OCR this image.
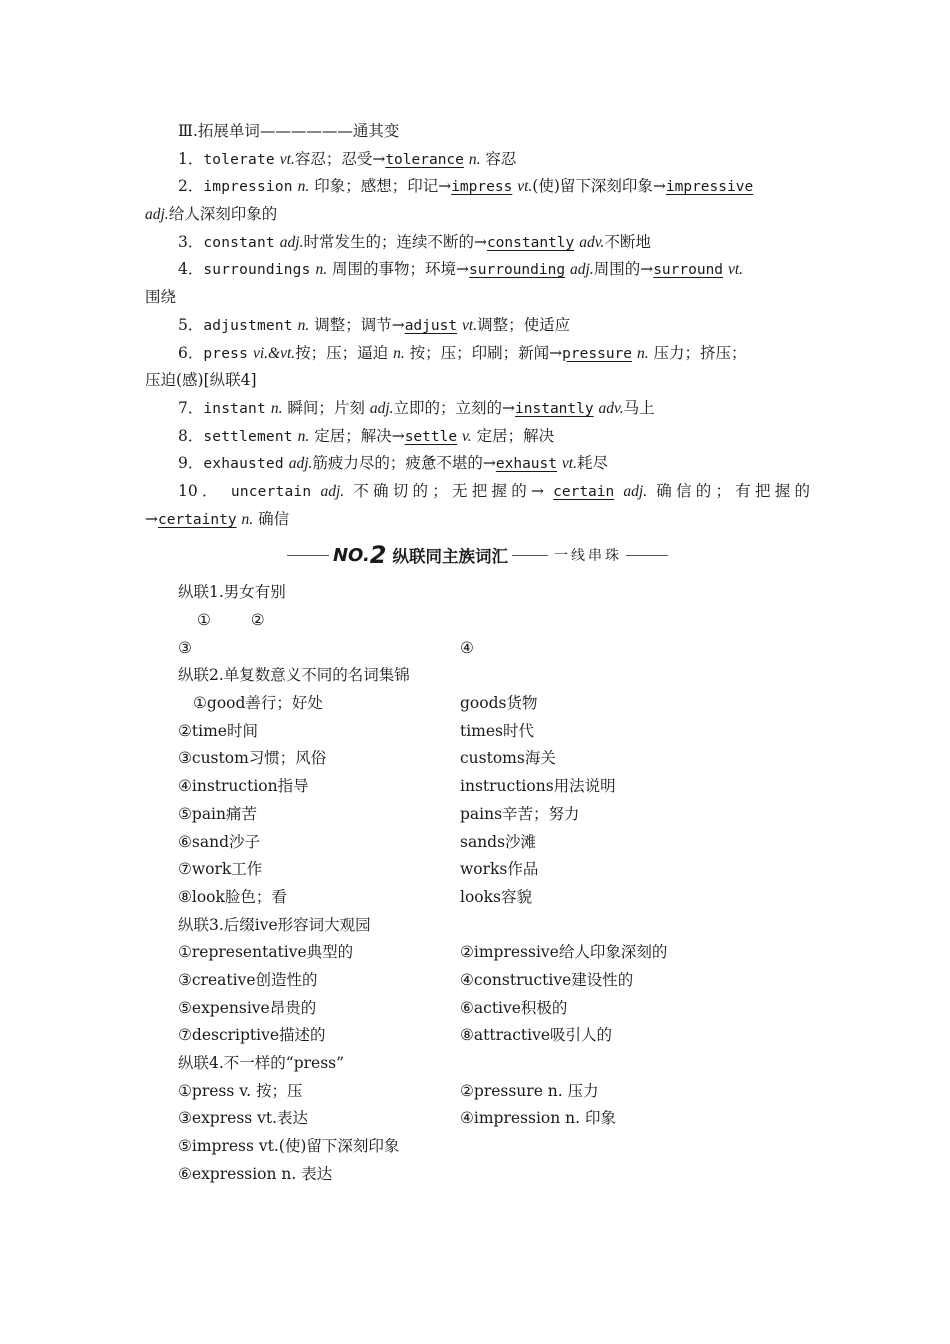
Ⅲ.拓展单词——————通其变
1．tolerate vt.容忍；忍受→tolerance n. 容忍
2．impression n. 印象；感想；印记→impress vt.(使)留下深刻印象→impressive
adj.给人深刻印象的
3．constant adj.时常发生的；连续不断的→constantly adv.不断地
4．surroundings n. 周围的事物；环境→surrounding adj.周围的→surround vt.
围绕
5．adjustment n. 调整；调节→adjust vt.调整；使适应
6．press vi.&vt.按；压；逼迫 n. 按；压；印刷；新闻→pressure n. 压力；挤压；
压迫(感)[纵联4]
7．instant n. 瞬间；片刻 adj.立即的；立刻的→instantly adv.马上
8．settlement n. 定居；解决→settle v. 定居；解决
9．exhausted adj.筋疲力尽的；疲惫不堪的→exhaust vt.耗尽
10． uncertain adj. 不确切的；无把握的→ certain adj. 确信的；有把握的
→certainty n. 确信
NO. 2 纵联同主族词汇	一线串珠
纵联1.男女有别
①	②
③	④
纵联2.单复数意义不同的名词集锦
①good善行；好处	goods货物
②time时间	times时代
③custom习惯；风俗	customs海关
④instruction指导	instructions用法说明
⑤pain痛苦	pains辛苦；努力
⑥sand沙子	sands沙滩
⑦work工作	works作品
⑧look脸色；看	looks容貌
纵联3.后缀ive形容词大观园
①representative典型的	②impressive给人印象深刻的
③creative创造性的	④constructive建设性的
⑤expensive昂贵的	⑥active积极的
⑦descriptive描述的	⑧attractive吸引人的
纵联4.不一样的“press”
①press v. 按；压	②pressure n. 压力
③express vt.表达	④impression n. 印象
⑤impress vt.(使)留下深刻印象
⑥expression n. 表达
